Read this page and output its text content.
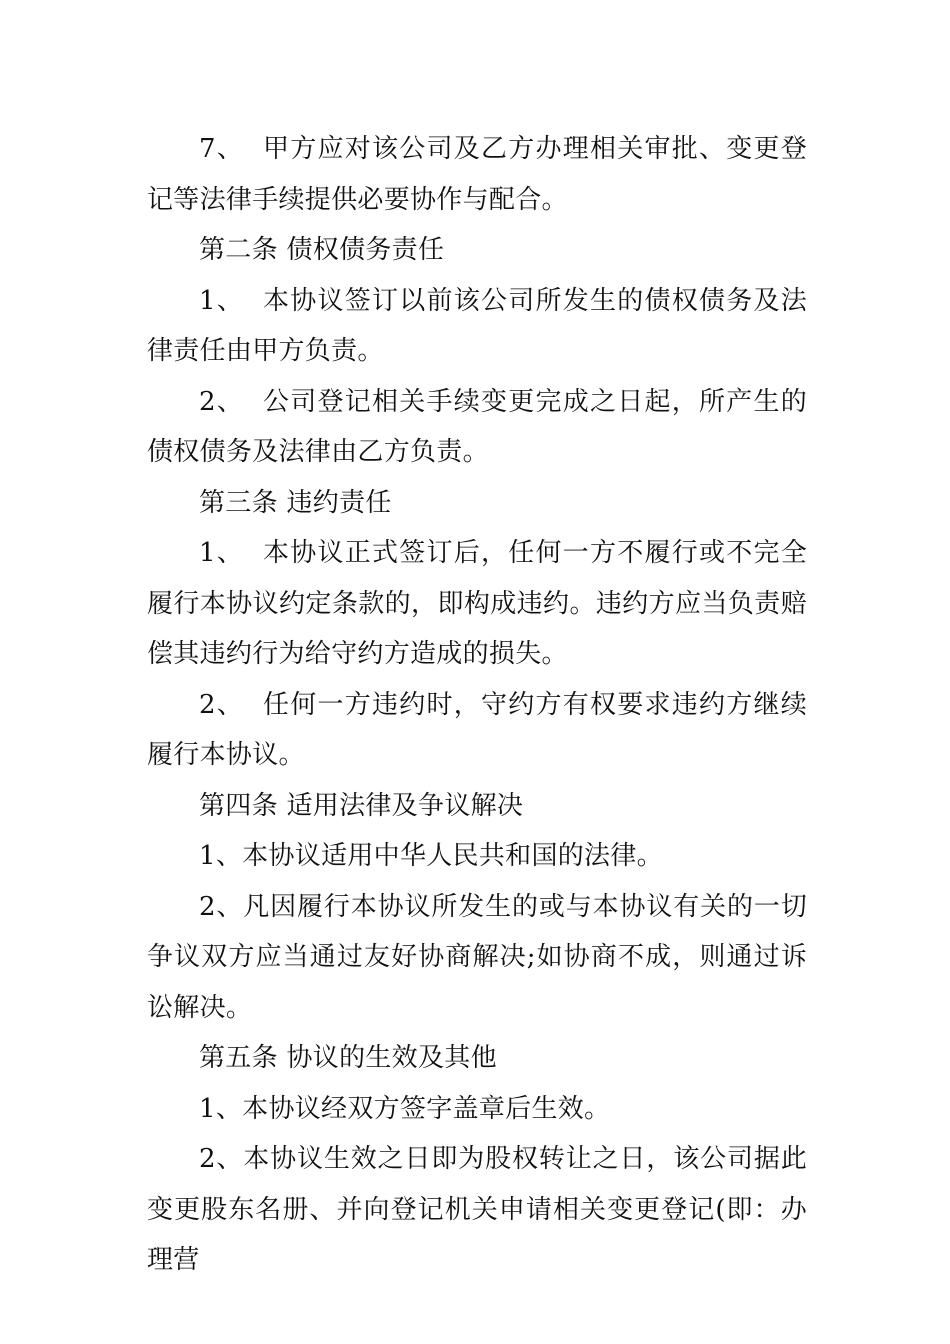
7、  甲方应对该公司及乙方办理相关审批、变更登记等法律手续提供必要协作与配合。

第二条 债权债务责任

1、  本协议签订以前该公司所发生的债权债务及法律责任由甲方负责。

2、  公司登记相关手续变更完成之日起，所产生的债权债务及法律由乙方负责。

第三条 违约责任

1、  本协议正式签订后，任何一方不履行或不完全履行本协议约定条款的，即构成违约。违约方应当负责赔偿其违约行为给守约方造成的损失。

2、  任何一方违约时，守约方有权要求违约方继续履行本协议。

第四条 适用法律及争议解决

1、本协议适用中华人民共和国的法律。

2、凡因履行本协议所发生的或与本协议有关的一切争议双方应当通过友好协商解决;如协商不成，则通过诉讼解决。

第五条 协议的生效及其他

1、本协议经双方签字盖章后生效。

2、本协议生效之日即为股权转让之日，该公司据此变更股东名册、并向登记机关申请相关变更登记(即：办理营
